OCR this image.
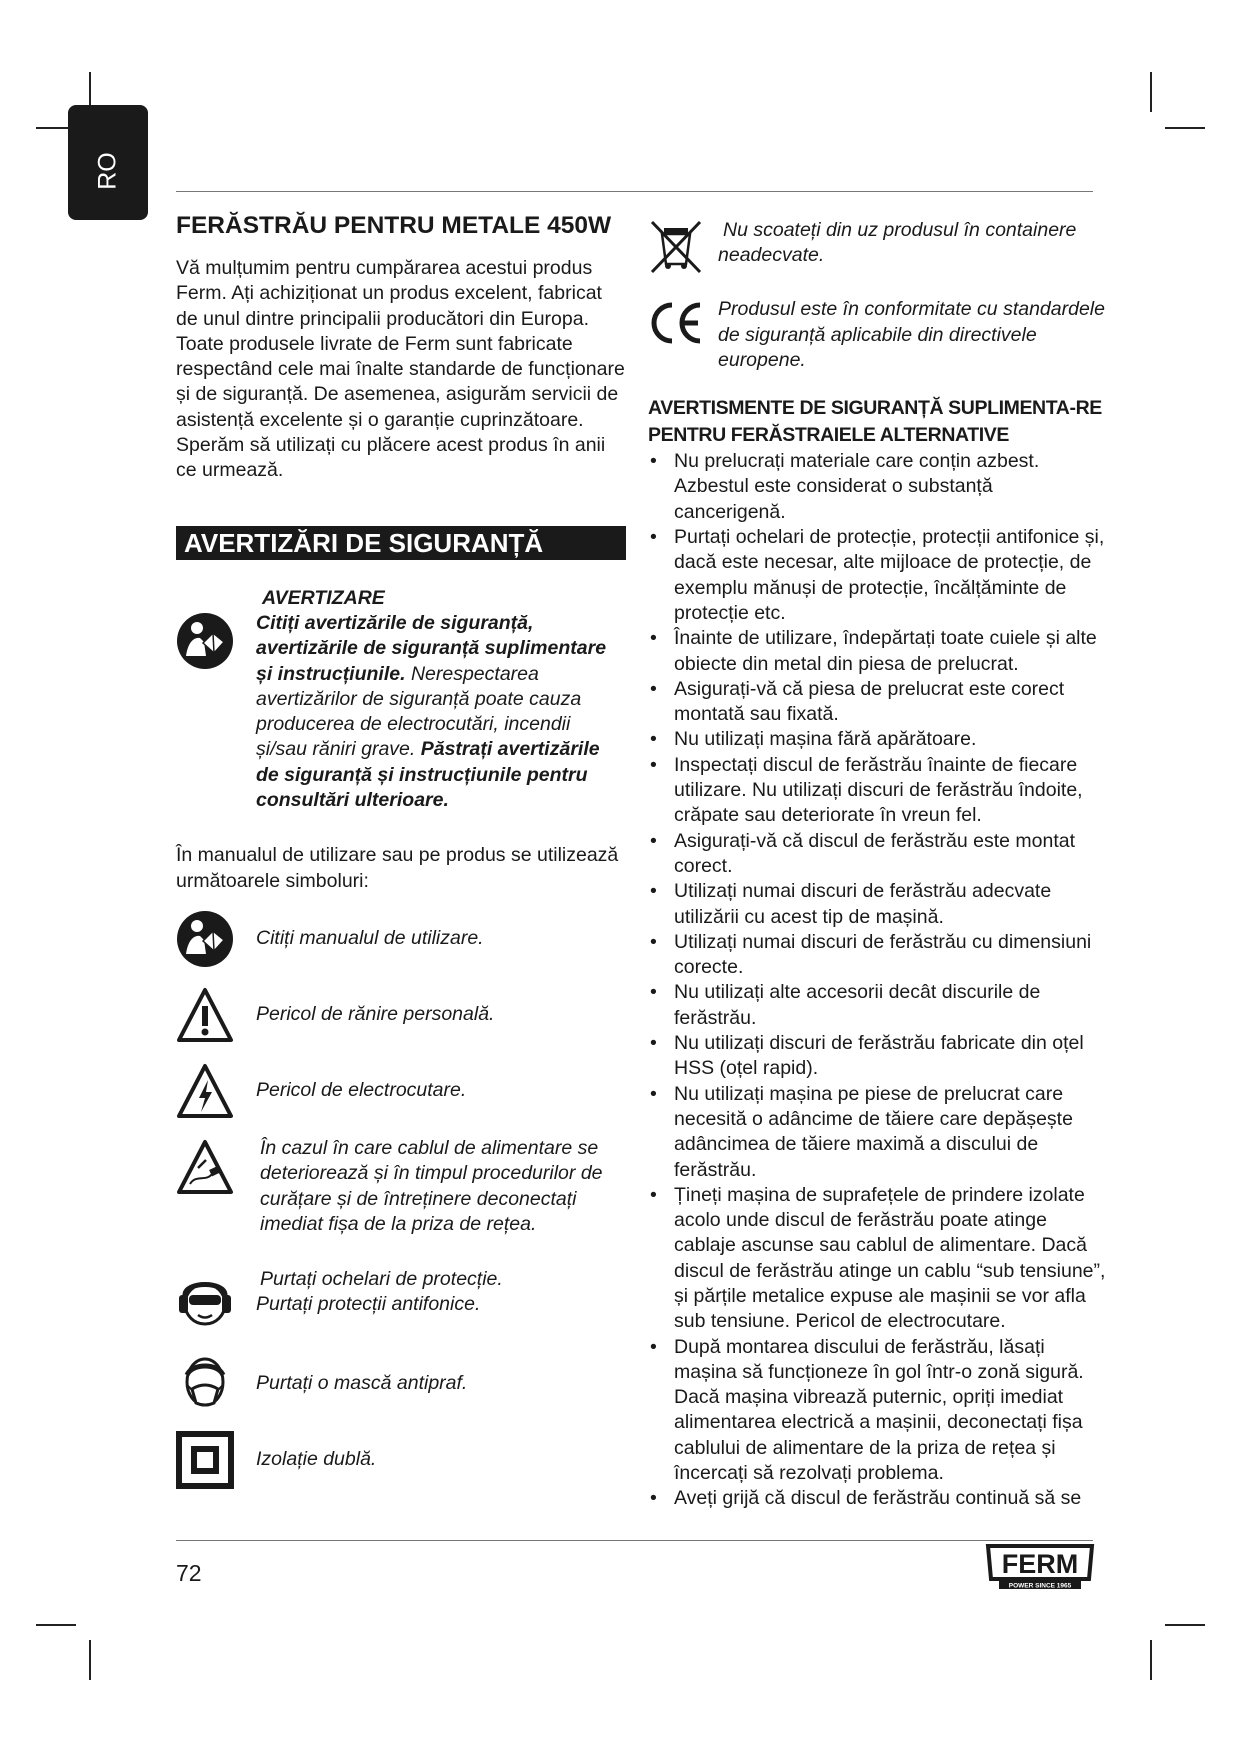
RO
FERĂSTRĂU PENTRU METALE 450W

Vă mulțumim pentru cumpărarea acestui produs Ferm. Ați achiziționat un produs excelent, fabricat de unul dintre principalii producători din Europa. Toate produsele livrate de Ferm sunt fabricate respectând cele mai înalte standarde de funcționare și de siguranță. De asemenea, asigurăm servicii de asistență excelente și o garanție cuprinzătoare. Sperăm să utilizați cu plăcere acest produs în anii ce urmează.

AVERTIZĂRI DE SIGURANȚĂ
AVERTIZARE
Citiți avertizările de siguranță, avertizările de siguranță suplimentare și instrucțiunile. Nerespectarea avertizărilor de siguranță poate cauza producerea de electrocutări, incendii și/sau răniri grave. Păstrați avertizările de siguranță și instrucțiunile pentru consultări ulterioare.

În manualul de utilizare sau pe produs se utilizează următoarele simboluri:

Citiți manualul de utilizare.
Pericol de rănire personală.
Pericol de electrocutare.
În cazul în care cablul de alimentare se deteriorează și în timpul procedurilor de curățare și de întreținere deconectați imediat fișa de la priza de rețea.
Purtați ochelari de protecție.
Purtați protecții antifonice.
Purtați o mască antipraf.
Izolație dublă.
Nu scoateți din uz produsul în containere neadecvate.
Produsul este în conformitate cu standardele de siguranță aplicabile din directivele europene.
AVERTISMENTE DE SIGURANȚĂ SUPLIMENTA-RE PENTRU FERĂSTRAIELE ALTERNATIVE
• Nu prelucrați materiale care conțin azbest. Azbestul este considerat o substanță cancerigenă.
• Purtați ochelari de protecție, protecții antifonice și, dacă este necesar, alte mijloace de protecție, de exemplu mănuși de protecție, încălțăminte de protecție etc.
• Înainte de utilizare, îndepărtați toate cuiele și alte obiecte din metal din piesa de prelucrat.
• Asigurați-vă că piesa de prelucrat este corect montată sau fixată.
• Nu utilizați mașina fără apărătoare.
• Inspectați discul de ferăstrău înainte de fiecare utilizare. Nu utilizați discuri de ferăstrău îndoite, crăpate sau deteriorate în vreun fel.
• Asigurați-vă că discul de ferăstrău este montat corect.
• Utilizați numai discuri de ferăstrău adecvate utilizării cu acest tip de mașină.
• Utilizați numai discuri de ferăstrău cu dimensiuni corecte.
• Nu utilizați alte accesorii decât discurile de ferăstrău.
• Nu utilizați discuri de ferăstrău fabricate din oțel HSS (oțel rapid).
• Nu utilizați mașina pe piese de prelucrat care necesită o adâncime de tăiere care depășește adâncimea de tăiere maximă a discului de ferăstrău.
• Țineți mașina de suprafețele de prindere izolate acolo unde discul de ferăstrău poate atinge cablaje ascunse sau cablul de alimentare. Dacă discul de ferăstrău atinge un cablu “sub tensiune”, și părțile metalice expuse ale mașinii se vor afla sub tensiune. Pericol de electrocutare.
• După montarea discului de ferăstrău, lăsați mașina să funcționeze în gol într-o zonă sigură. Dacă mașina vibrează puternic, opriți imediat alimentarea electrică a mașinii, deconectați fișa cablului de alimentare de la priza de rețea și încercați să rezolvați problema.
• Aveți grijă că discul de ferăstrău continuă să se
72	FERM
POWER SINCE 1965
